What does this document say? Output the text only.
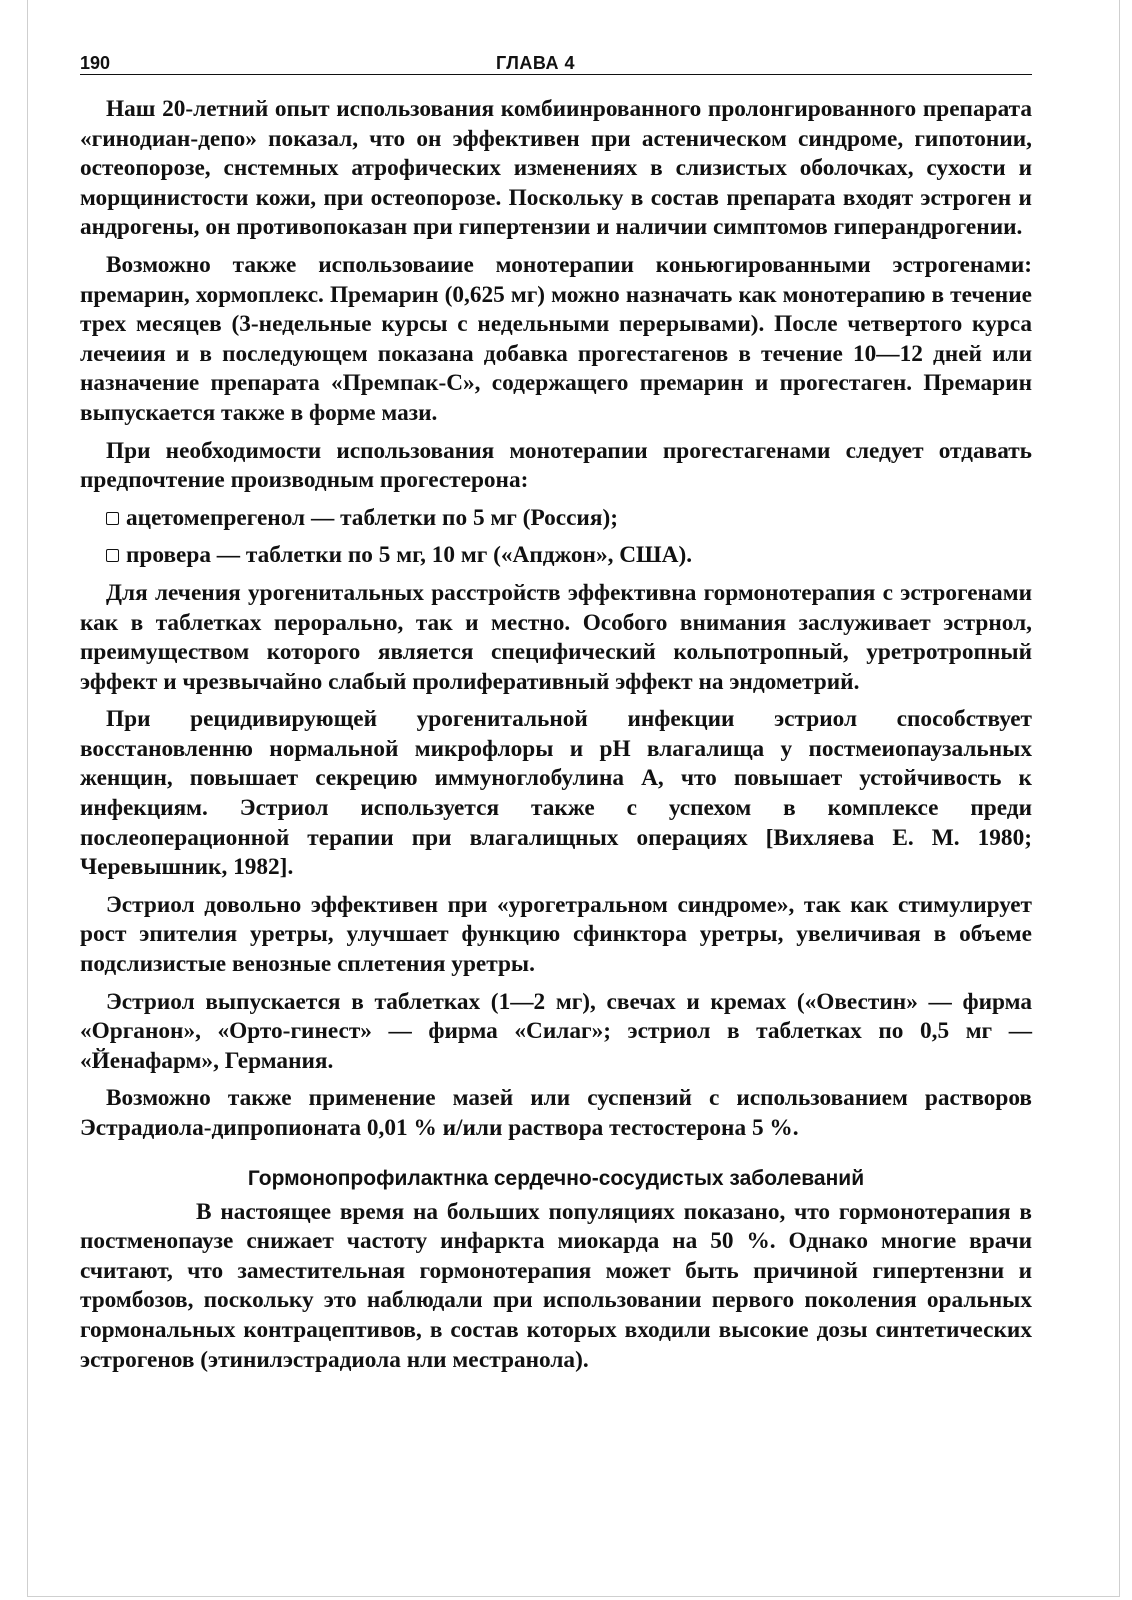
190	ГЛАВА 4

Наш 20-летний опыт использования комбиинрованного пролонгированного препарата «гинодиан-депо» показал, что он эффективен при астеническом синдроме, гипотонии, остеопорозе, снстемных атрофических изменениях в слизистых оболочках, сухости и морщинистости кожи, при остеопорозе. Поскольку в состав препарата входят эстроген и андрогены, он противопоказан при гипертензии и наличии симптомов гиперандрогении.

Возможно также использоваиие монотерапии коньюгированными эстрогенами: премарин, хормоплекс. Премарин (0,625 мг) можно назначать как монотерапию в течение трех месяцев (3-недельные курсы с недельными перерывами). После четвертого курса лечеиия и в последующем показана добавка прогестагенов в течение 10—12 дней или назначение препарата «Премпак-С», содержащего премарин и прогестаген. Премарин выпускается также в форме мази.

При необходимости использования монотерапии прогестагенами следует отдавать предпочтение производным прогестерона:

ацетомепрегенол — таблетки по 5 мг (Россия);
провера — таблетки по 5 мг, 10 мг («Апджон», США).

Для лечения урогенитальных расстройств эффективна гормонотерапия с эстрогенами как в таблетках перорально, так и местно. Особого внимания заслуживает эстрнол, преимуществом которого является специфический кольпотропный, уретротропный эффект и чрезвычайно слабый пролиферативный эффект на эндометрий.

При рецидивирующей урогенитальной инфекции эстриол способствует восстановленню нормальной микрофлоры и pH влагалища у постмеиопаузальных женщин, повышает секрецию иммуноглобулина А, что повышает устойчивость к инфекциям. Эстриол используется также с успехом в комплексе преди послеоперационной терапии при влагалищных операциях [Вихляева Е. М. 1980; Черевышник, 1982].

Эстриол довольно эффективен при «урогетральном синдроме», так как стимулирует рост эпителия уретры, улучшает функцию сфинктора уретры, увеличивая в объеме подслизистые венозные сплетения уретры.

Эстриол выпускается в таблетках (1—2 мг), свечах и кремах («Овестин» — фирма «Органон», «Орто-гинест» — фирма «Силаг»; эстриол в таблетках по 0,5 мг — «Йенафарм», Германия.

Возможно также применение мазей или суспензий с использованием растворов Эстрадиола-дипропионата 0,01 % и/или раствора тестостерона 5 %.

Гормонопрофилактнка сердечно-сосудистых заболеваний

В настоящее время на больших популяциях показано, что гормонотерапия в постменопаузе снижает частоту инфаркта миокарда на 50 %. Однако многие врачи считают, что заместительная гормонотерапия может быть причиной гипертензни и тромбозов, поскольку это наблюдали при использовании первого поколения оральных гормональных контрацептивов, в состав которых входили высокие дозы синтетических эстрогенов (этинилэстрадиола нли местранола).
